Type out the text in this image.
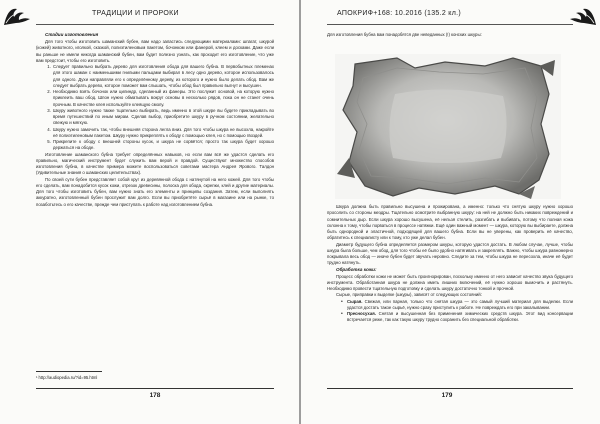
ТРАДИЦИИ И ПРОРОКИ

Стадии изготовления

Для того чтобы изготовить шаманский бубен, вам надо запастись следующими материалами: шпагат, шкурой (кожей) животного, иголкой, сказкой, полиэтиленовым пакетом, бочонком или фанерой, клеем и досками. Даже если вы раньше не имели никогда шаманский бубен, вам будет полезно узнать, как проходит его изготовление, что уже вам предстоит, чтобы его изготовить.

1. Следует правильно выбрать дерево для изготовления обода для вашего бубна. В первобытных племенах для этого шаман с наименьшими гнилыми пальцами выбирал в лесу одно дерево, которое использовалось для одного. Духи направляли его к определённому дереву, из которого и нужно было делать обод. Вам же следует выбрать дерево, которое поможет вам слышать, чтобы обод был правильно выгнут и высушен.
2. Необходимо взять бочонок или цилиндр, сделанный из фанеры. Это послужит основой, на которую нужно приклеить ваш обод. Шпон нужно обматывать вокруг основы в несколько рядов, пока он не станет очень прочным. В качестве клея используйте клеящую смолу.
3. Шкуру животного нужно также тщательно выбирать, ведь именно в этой шкуре вы будете прикладывать во время путешествий по иным мирам. Сделав выбор, приобретите шкуру в ручном состоянии, желательно свежую и мягкую.
4. Шкуру нужно замочить так, чтобы внешняя сторона легла вниз. Для того чтобы шкура не высохла, накройте её полиэтиленовым пакетом. Шкуру нужно прикреплять к ободу с помощью клея, но с помощью гвоздей.
5. Прикрепите к ободу с внешней стороны кусок, и шкура не сорвётся; просто так шкура будет хорошо держаться на ободе.

Изготовление шаманского бубна требует определённых навыков, но если вам всё же удастся сделать его правильно, магический инструмент будет служить вам верой и правдой. Существуют множество способов изготовления бубна, в качестве примера можете воспользоваться советами мастера Андрея Ярового. Талдон (Удивительные знания о шаманских целительствах).

По своей сути бубен представляет собой круг из деревянной обода с натянутой на него кожей. Для того чтобы его сделать, вам понадобится кусок кожи, отрезок древесины, полоска для обода, скрепки, клей и другие материалы. Для того чтобы изготовить бубен, вам нужно знать его элементы и принципы создания. Затем, если выполнять аккуратно, изготовленный бубен прослужит вам долго. Если вы приобретёте сырьё в магазине или на рынке, то позаботьтесь о его качестве, прежде чем приступать к работе над изготовлением бубна.

¹ http://audiopedia.ru/?id=95.html
178
АПОКРИФ+168: 10.2016 (135.2 кл.)

Для изготовления бубна вам понадобятся две неведанных (!) конских шкуры:

Шкура должна быть правильно высушена и прожирована, а именно: только что снятую шкуру нужно хорошо просолить со стороны мездры. Тщательно осмотрите выбранную шкуру: на ней не должно быть никаких повреждений и сомнительных дыр. Если шкура хорошо высушена, её нельзя стелить, разгибать и выбивать, потому что полная кожа склонна к тому, чтобы порваться в процессе натяжки. Ещё один важный момент — шкура, которую вы выбираете, должна быть однородной и эластичной, подходящей для вашего бубна. Если вы не уверены, как проверить её качество, обратитесь к специалисту или к тому, кто уже делал бубен.

Диаметр будущего бубна определяется размером шкуры, которую удастся достать. В любом случае, лучше, чтобы шкура была больше, чем обод, для того чтобы её было удобно натягивать и закреплять. Важно, чтобы шкура равномерно покрывала весь обод — иначе бубен будет звучать неровно. Следите за тем, чтобы шкура не пересохла, иначе её будет трудно натянуть.

Обработка кожи:

Процесс обработки кожи не может быть проигнорирован, поскольку именно от него зависит качество звука будущего инструмента. Обработанная шкура не должна иметь лишних включений, её нужно хорошо вымочить и растянуть. Необходимо провести тщательную подготовку и сделать шкуру достаточно тонкой и прочной.

Сырые, приправки к выделке (шкуры), зависят от следующих состояний:

• Сырая. Свежая, или парная, только что снятая шкура — это самый лучший материал для выделки. Если удастся достать такое сырьё, нужно сразу приступить к работе. Не повреждать его при закалывании.
• Пресносухая. Снятая и высушенная без применения химических средств шкура. Этот вид консервации встречается реже, так как такую шкуру трудно сохранить без специальной обработки.
179
